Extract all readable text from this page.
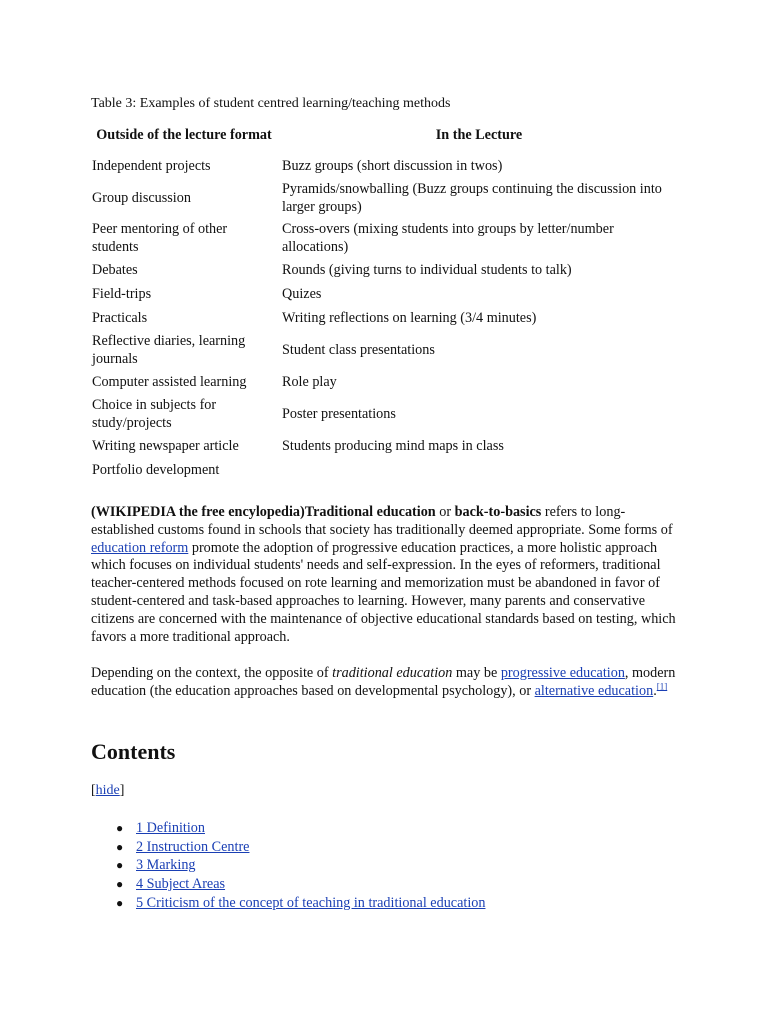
Table 3: Examples of student centred learning/teaching methods
Outside of the lecture format	In the Lecture
Independent projects	Buzz groups (short discussion in twos)
Group discussion	Pyramids/snowballing (Buzz groups continuing the discussion into larger groups)
Peer mentoring of other students	Cross-overs (mixing students into groups by letter/number allocations)
Debates	Rounds (giving turns to individual students to talk)
Field-trips	Quizes
Practicals	Writing reflections on learning (3/4 minutes)
Reflective diaries, learning journals	Student class presentations
Computer assisted learning	Role play
Choice in subjects for study/projects	Poster presentations
Writing newspaper article	Students producing mind maps in class
Portfolio development	

(WIKIPEDIA the free encylopedia)Traditional education or back-to-basics refers to long-established customs found in schools that society has traditionally deemed appropriate. Some forms of education reform promote the adoption of progressive education practices, a more holistic approach which focuses on individual students' needs and self-expression. In the eyes of reformers, traditional teacher-centered methods focused on rote learning and memorization must be abandoned in favor of student-centered and task-based approaches to learning. However, many parents and conservative citizens are concerned with the maintenance of objective educational standards based on testing, which favors a more traditional approach.

Depending on the context, the opposite of traditional education may be progressive education, modern education (the education approaches based on developmental psychology), or alternative education.[1]

Contents
[hide]
● 1 Definition
● 2 Instruction Centre
● 3 Marking
● 4 Subject Areas
● 5 Criticism of the concept of teaching in traditional education
